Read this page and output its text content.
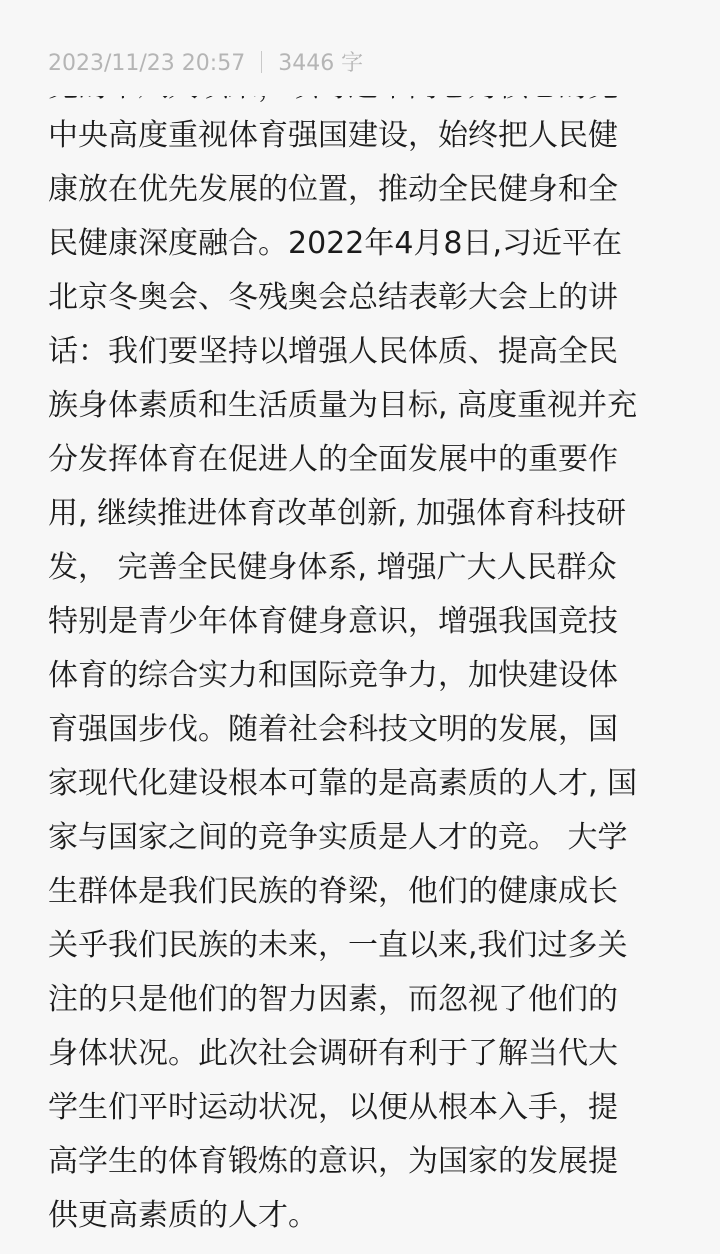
2023/11/23 20:57 3446 字
中央高度重视体育强国建设，始终把人民健
康放在优先发展的位置，推动全民健身和全
民健康深度融合。2022年4月8日,习近平在
北京冬奥会、冬残奥会总结表彰大会上的讲
话：我们要坚持以增强人民体质、提高全民
族身体素质和生活质量为目标, 高度重视并充
分发挥体育在促进人的全面发展中的重要作
用, 继续推进体育改革创新, 加强体育科技研
发， 完善全民健身体系, 增强广大人民群众
特别是青少年体育健身意识，增强我国竞技
体育的综合实力和国际竞争力，加快建设体
育强国步伐。随着社会科技文明的发展，国
家现代化建设根本可靠的是高素质的人才, 国
家与国家之间的竞争实质是人才的竞。 大学
生群体是我们民族的脊梁，他们的健康成长
关乎我们民族的未来，一直以来,我们过多关
注的只是他们的智力因素，而忽视了他们的
身体状况。此次社会调研有利于了解当代大
学生们平时运动状况，以便从根本入手，提
高学生的体育锻炼的意识，为国家的发展提
供更高素质的人才。
